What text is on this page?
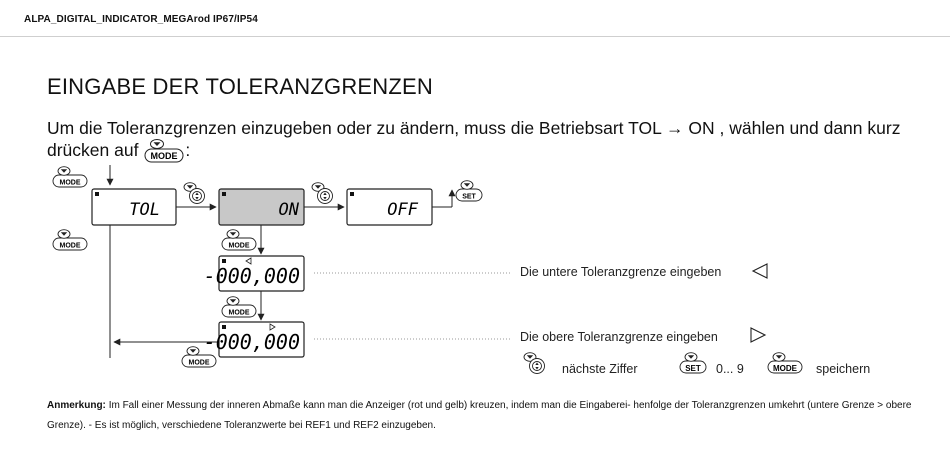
ALPA_DIGITAL_INDICATOR_MEGArod IP67/IP54
EINGABE DER TOLERANZGRENZEN
Um die Toleranzgrenzen einzugeben oder zu ändern, muss die Betriebsart TOL → ON , wählen und dann kurz drücken auf MODE :
TOL	ON	OFF
-000,000
-000,000
MODE
MODE
SET
MODE
MODE
MODE
Die untere Toleranzgrenze eingeben
Die obere Toleranzgrenze eingeben
nächste Ziffer	SET 0... 9	MODE speichern
Anmerkung: Im Fall einer Messung der inneren Abmaße kann man die Anzeiger (rot und gelb) kreuzen, indem man die Eingaberei- henfolge der Toleranzgrenzen umkehrt (untere Grenze > obere Grenze). - Es ist möglich, verschiedene Toleranzwerte bei REF1 und REF2 einzugeben.
